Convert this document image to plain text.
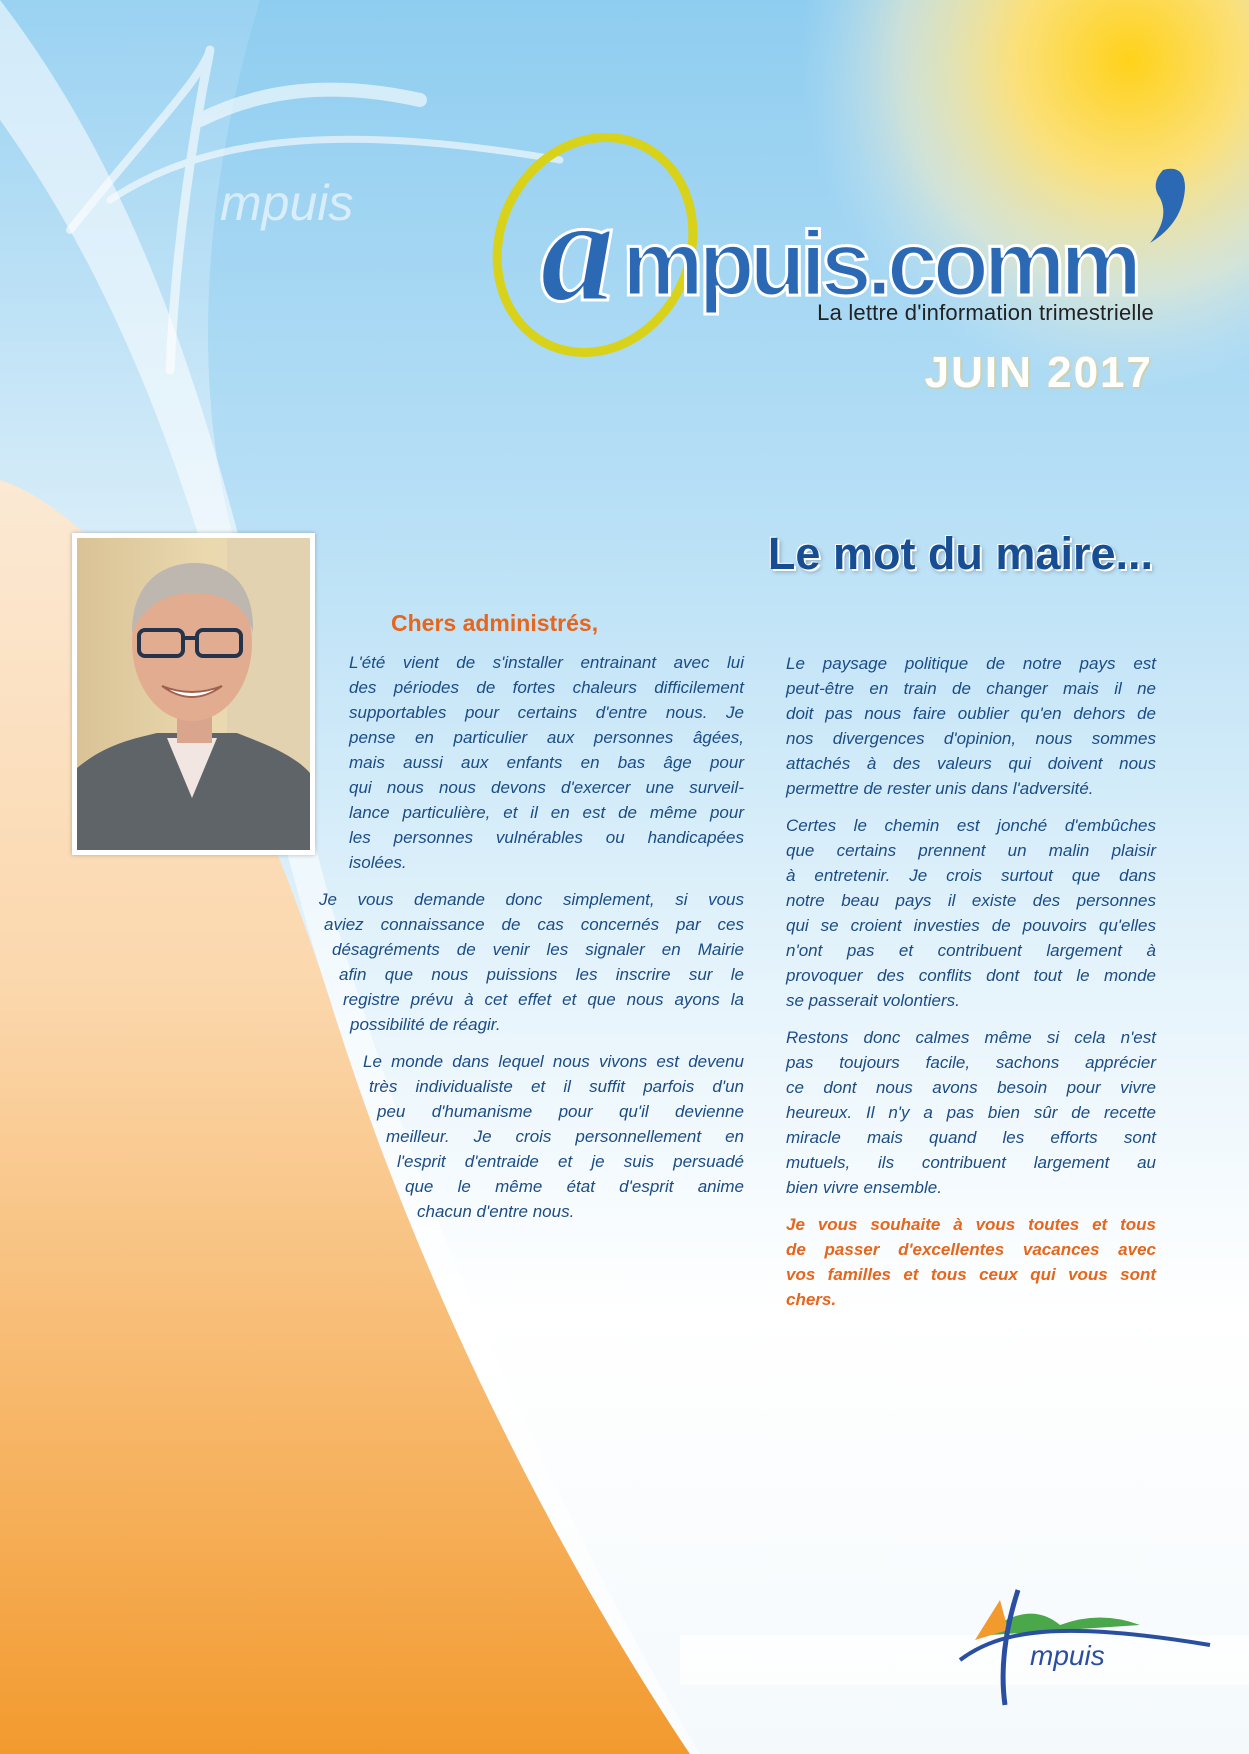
mpuis a mpuis.comm
mpuis
La lettre d'information trimestrielle
JUIN 2017
Le mot du maire...
Chers administrés,
L'été vient de s'installer entrainant avec lui
des périodes de fortes chaleurs difficilement
supportables pour certains d'entre nous. Je
pense en particulier aux personnes âgées,
mais aussi aux enfants en bas âge pour
qui nous nous devons d'exercer une surveil-
lance particulière, et il en est de même pour
les personnes vulnérables ou handicapées
isolées.
Je vous demande donc simplement, si vous
aviez connaissance de cas concernés par ces
désagréments de venir les signaler en Mairie
afin que nous puissions les inscrire sur le
registre prévu à cet effet et que nous ayons la
possibilité de réagir.
Le monde dans lequel nous vivons est devenu
très individualiste et il suffit parfois d'un
peu d'humanisme pour qu'il devienne
meilleur. Je crois personnellement en
l'esprit d'entraide et je suis persuadé
que le même état d'esprit anime
chacun d'entre nous.
Le paysage politique de notre pays est
peut-être en train de changer mais il ne
doit pas nous faire oublier qu'en dehors de
nos divergences d'opinion, nous sommes
attachés à des valeurs qui doivent nous
permettre de rester unis dans l'adversité.
Certes le chemin est jonché d'embûches
que certains prennent un malin plaisir
à entretenir. Je crois surtout que dans
notre beau pays il existe des personnes
qui se croient investies de pouvoirs qu'elles
n'ont pas et contribuent largement à
provoquer des conflits dont tout le monde
se passerait volontiers.
Restons donc calmes même si cela n'est
pas toujours facile, sachons apprécier
ce dont nous avons besoin pour vivre
heureux. Il n'y a pas bien sûr de recette
miracle mais quand les efforts sont
mutuels, ils contribuent largement au
bien vivre ensemble.
Je vous souhaite à vous toutes et tous
de passer d'excellentes vacances avec
vos familles et tous ceux qui vous sont
chers.
